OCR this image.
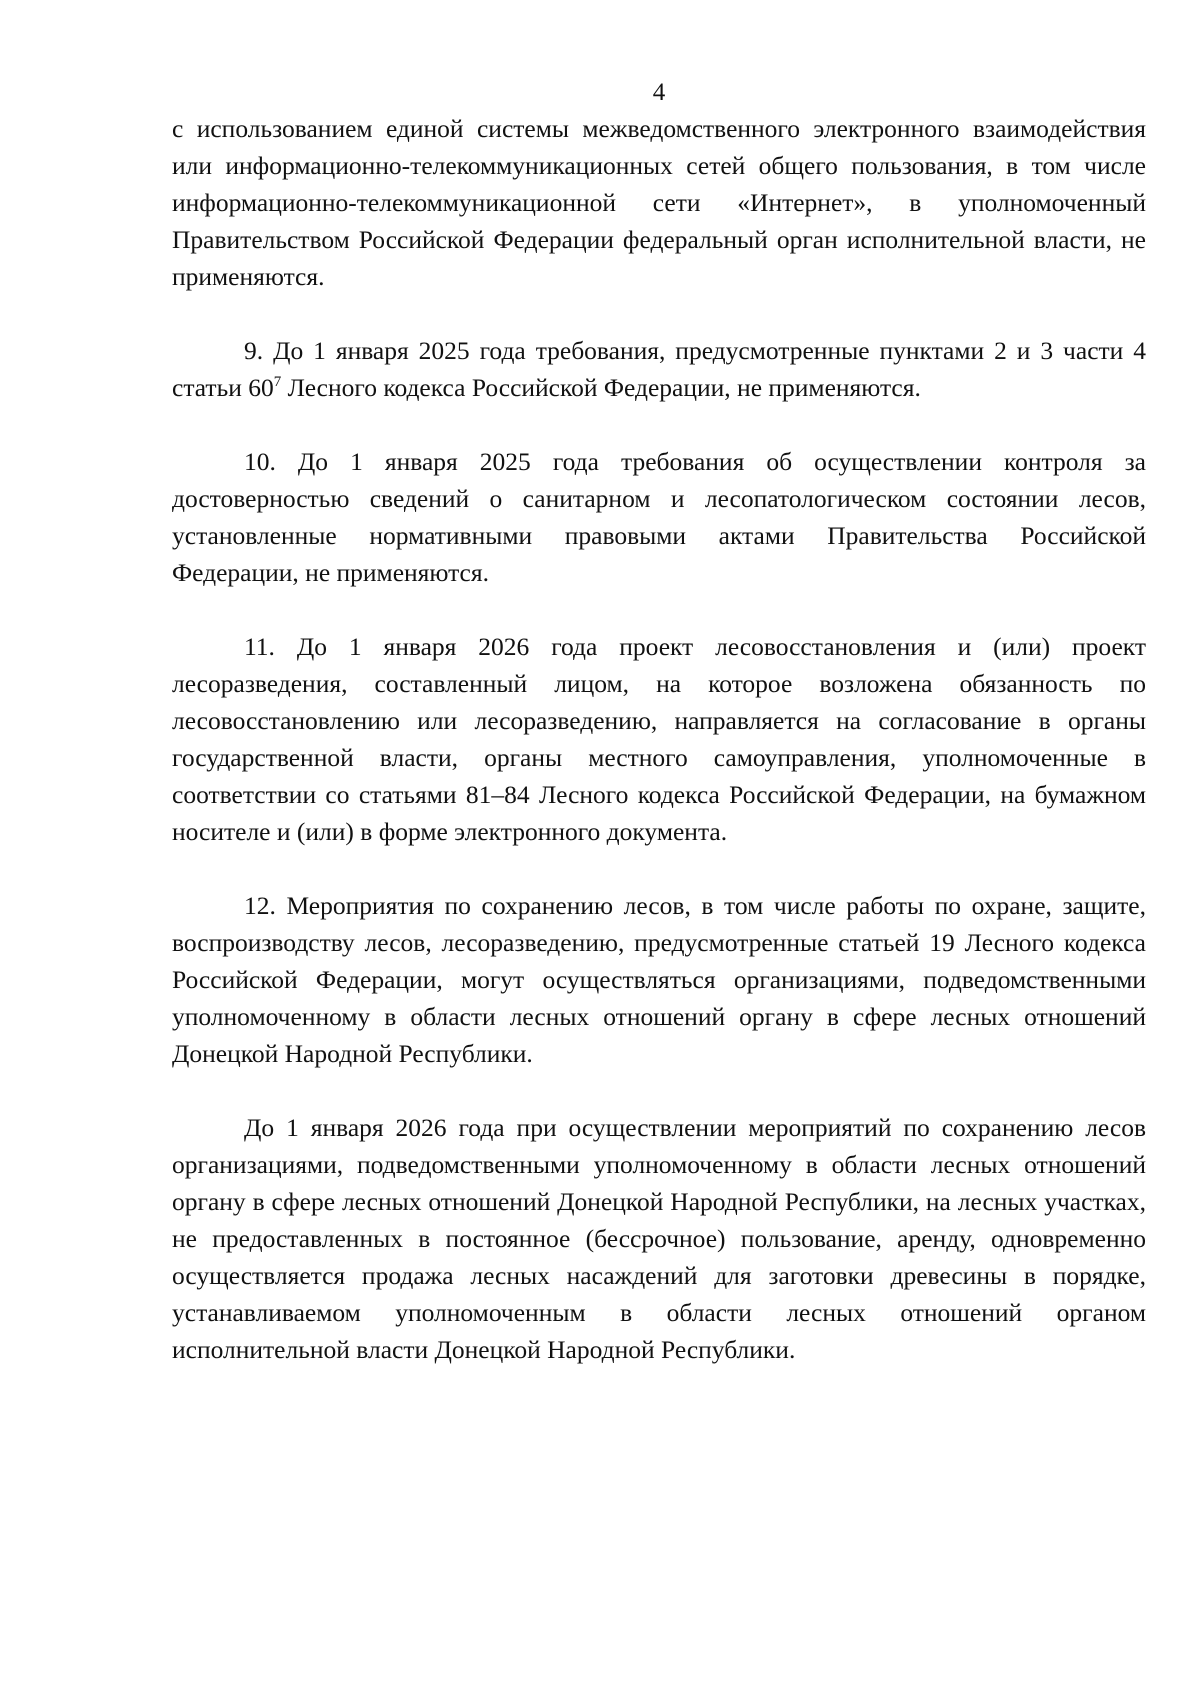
4

с использованием единой системы межведомственного электронного взаимодействия или информационно-телекоммуникационных сетей общего пользования, в том числе информационно-телекоммуникационной сети «Интернет», в уполномоченный Правительством Российской Федерации федеральный орган исполнительной власти, не применяются.

9. До 1 января 2025 года требования, предусмотренные пунктами 2 и 3 части 4 статьи $60^7$ Лесного кодекса Российской Федерации, не применяются.

10. До 1 января 2025 года требования об осуществлении контроля за достоверностью сведений о санитарном и лесопатологическом состоянии лесов, установленные нормативными правовыми актами Правительства Российской Федерации, не применяются.

11. До 1 января 2026 года проект лесовосстановления и (или) проект лесоразведения, составленный лицом, на которое возложена обязанность по лесовосстановлению или лесоразведению, направляется на согласование в органы государственной власти, органы местного самоуправления, уполномоченные в соответствии со статьями 81–84 Лесного кодекса Российской Федерации, на бумажном носителе и (или) в форме электронного документа.

12. Мероприятия по сохранению лесов, в том числе работы по охране, защите, воспроизводству лесов, лесоразведению, предусмотренные статьей 19 Лесного кодекса Российской Федерации, могут осуществляться организациями, подведомственными уполномоченному в области лесных отношений органу в сфере лесных отношений Донецкой Народной Республики.

До 1 января 2026 года при осуществлении мероприятий по сохранению лесов организациями, подведомственными уполномоченному в области лесных отношений органу в сфере лесных отношений Донецкой Народной Республики, на лесных участках, не предоставленных в постоянное (бессрочное) пользование, аренду, одновременно осуществляется продажа лесных насаждений для заготовки древесины в порядке, устанавливаемом уполномоченным в области лесных отношений органом исполнительной власти Донецкой Народной Республики.
